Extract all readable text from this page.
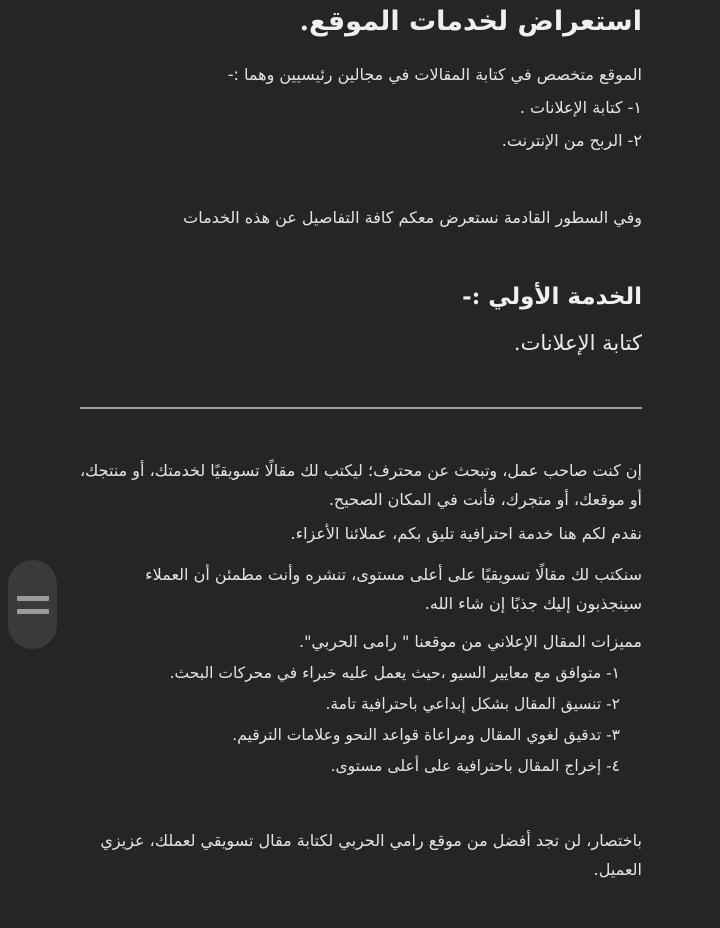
استعراض لخدمات الموقع.
الموقع متخصص في كتابة المقالات في مجالين رئيسيين وهما :-
١- كتابة الإعلانات .
٢- الربح من الإنترنت.
وفي السطور القادمة نستعرض معكم كافة التفاصيل عن هذه الخدمات
الخدمة الأولي :-
كتابة الإعلانات.
إن كنت صاحب عمل، وتبحث عن محترف؛ ليكتب لك مقالًا تسويقيًا لخدمتك، أو منتجك، أو موقعك، أو متجرك، فأنت في المكان الصحيح.
نقدم لكم هنا خدمة احترافية تليق بكم، عملائنا الأعزاء.
سنكتب لك مقالًا تسويقيًا على أعلى مستوى، تنشره وأنت مطمئن أن العملاء سينجذبون إليك جذبًا إن شاء الله.
مميزات المقال الإعلاني من موقعنا " رامى الحربي".
١- متوافق مع معايير السيو ،حيث يعمل عليه خبراء في محركات البحث.
٢- تنسيق المقال بشكل إبداعي باحترافية تامة.
٣- تدقيق لغوي المقال ومراعاة قواعد النحو وعلامات الترقيم.
٤- إخراج المقال باحترافية على أعلى مستوى.
باختصار، لن تجد أفضل من موقع رامي الحربي لكتابة مقال تسويقي لعملك، عزيزي العميل.
